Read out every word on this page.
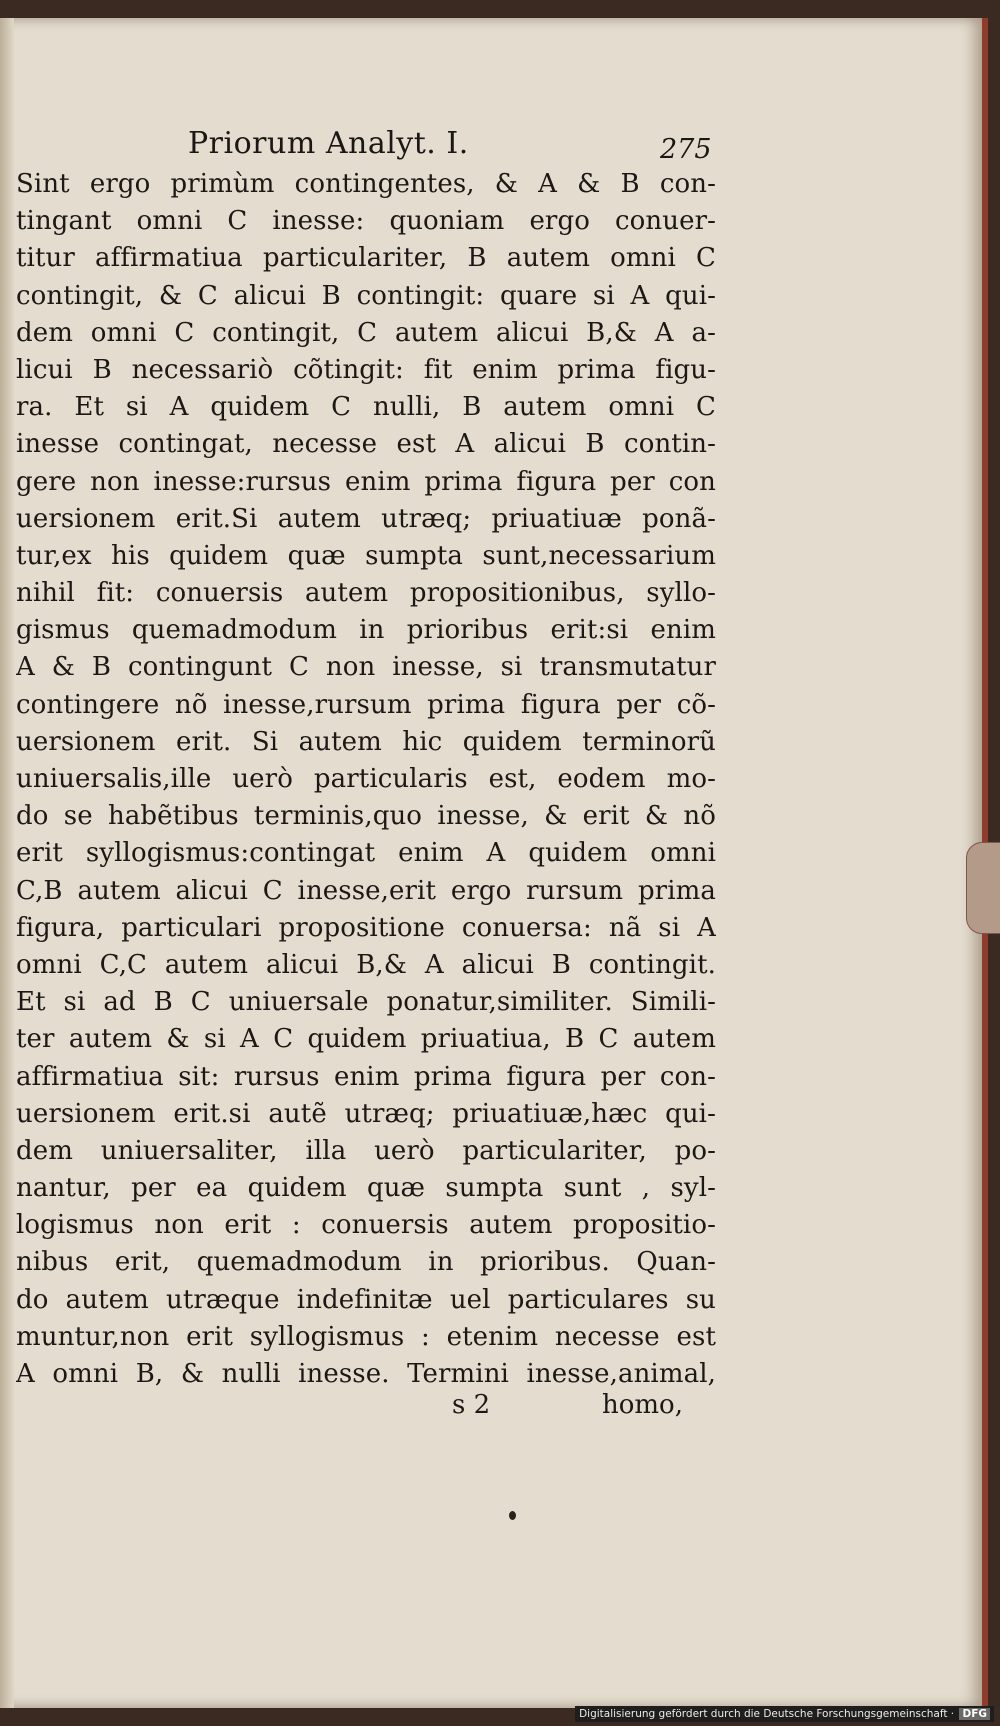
Priorum Analyt. I.	275
Sint ergo primùm contingentes, & A & B con-
tingant omni C inesse: quoniam ergo conuer-
titur affirmatiua particulariter, B autem omni C
contingit, & C alicui B contingit: quare si A qui-
dem omni C contingit, C autem alicui B,& A a-
licui B necessariò cõtingit: fit enim prima figu-
ra. Et si A quidem C nulli, B autem omni C
inesse contingat, necesse est A alicui B contin-
gere non inesse:rursus enim prima figura per con
uersionem erit.Si autem utræq; priuatiuæ ponã-
tur,ex his quidem quæ sumpta sunt,necessarium
nihil fit: conuersis autem propositionibus, syllo-
gismus quemadmodum in prioribus erit:si enim
A & B contingunt C non inesse, si transmutatur
contingere nõ inesse,rursum prima figura per cõ-
uersionem erit. Si autem hic quidem terminorũ
uniuersalis,ille uerò particularis est, eodem mo-
do se habẽtibus terminis,quo inesse, & erit & nõ
erit syllogismus:contingat enim A quidem omni
C,B autem alicui C inesse,erit ergo rursum prima
figura, particulari propositione conuersa: nã si A
omni C,C autem alicui B,& A alicui B contingit.
Et si ad B C uniuersale ponatur,similiter. Simili-
ter autem & si A C quidem priuatiua, B C autem
affirmatiua sit: rursus enim prima figura per con-
uersionem erit.si autẽ utræq; priuatiuæ,hæc qui-
dem uniuersaliter, illa uerò particulariter, po-
nantur, per ea quidem quæ sumpta sunt , syl-
logismus non erit : conuersis autem propositio-
nibus erit, quemadmodum in prioribus. Quan-
do autem utræque indefinitæ uel particulares su
muntur,non erit syllogismus : etenim necesse est
A omni B, & nulli inesse. Termini inesse,animal,
s 2	homo,
Digitalisierung gefördert durch die Deutsche Forschungsgemeinschaft · DFG
